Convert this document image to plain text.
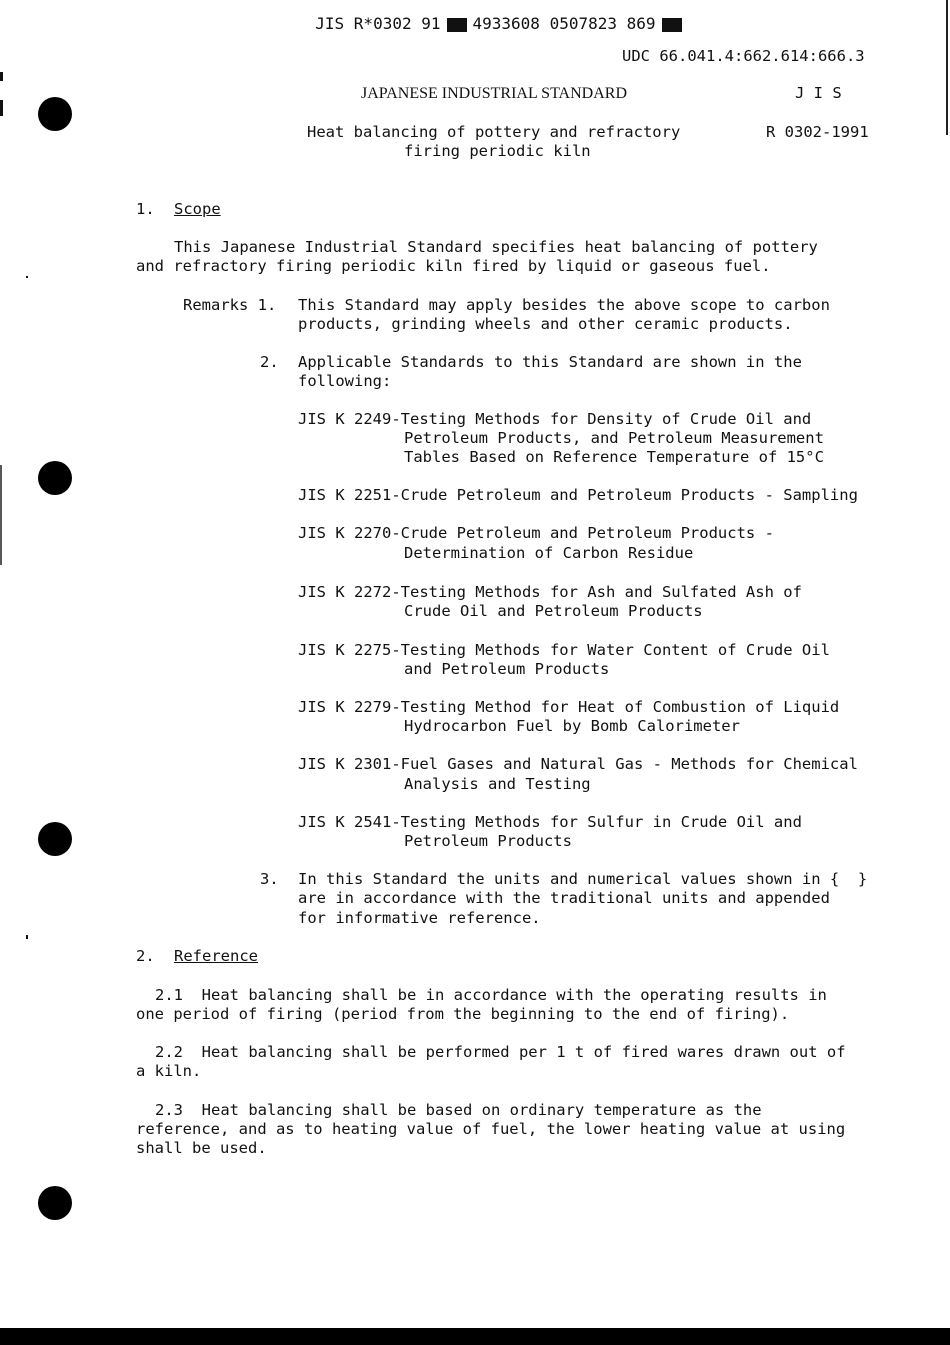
JIS R*0302 91 4933608 0507823 869

UDC 66.041.4:662.614:666.3
JAPANESE INDUSTRIAL STANDARD	J I S
Heat balancing of pottery and refractory
firing periodic kiln
R 0302-1991
1. Scope
This Japanese Industrial Standard specifies heat balancing of pottery
and refractory firing periodic kiln fired by liquid or gaseous fuel.
Remarks 1. This Standard may apply besides the above scope to carbon
products, grinding wheels and other ceramic products.
2. Applicable Standards to this Standard are shown in the
following:
JIS K 2249-Testing Methods for Density of Crude Oil and
Petroleum Products, and Petroleum Measurement
Tables Based on Reference Temperature of 15°C
JIS K 2251-Crude Petroleum and Petroleum Products - Sampling
JIS K 2270-Crude Petroleum and Petroleum Products -
Determination of Carbon Residue
JIS K 2272-Testing Methods for Ash and Sulfated Ash of
Crude Oil and Petroleum Products
JIS K 2275-Testing Methods for Water Content of Crude Oil
and Petroleum Products
JIS K 2279-Testing Method for Heat of Combustion of Liquid
Hydrocarbon Fuel by Bomb Calorimeter
JIS K 2301-Fuel Gases and Natural Gas - Methods for Chemical
Analysis and Testing
JIS K 2541-Testing Methods for Sulfur in Crude Oil and
Petroleum Products
3. In this Standard the units and numerical values shown in {  }
are in accordance with the traditional units and appended
for informative reference.
2. Reference
2.1  Heat balancing shall be in accordance with the operating results in
one period of firing (period from the beginning to the end of firing).
2.2  Heat balancing shall be performed per 1 t of fired wares drawn out of
a kiln.
2.3  Heat balancing shall be based on ordinary temperature as the
reference, and as to heating value of fuel, the lower heating value at using
shall be used.
